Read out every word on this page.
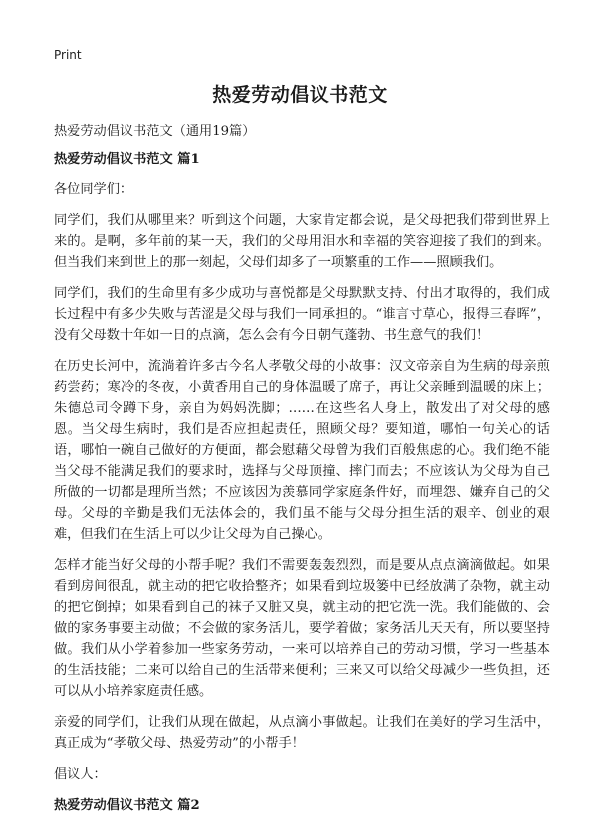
Print
热爱劳动倡议书范文

热爱劳动倡议书范文（通用19篇）

热爱劳动倡议书范文 篇1

各位同学们：

同学们，我们从哪里来？听到这个问题，大家肯定都会说，是父母把我们带到世界上来的。是啊，多年前的某一天，我们的父母用泪水和幸福的笑容迎接了我们的到来。但当我们来到世上的那一刻起，父母们却多了一项繁重的工作——照顾我们。

同学们，我们的生命里有多少成功与喜悦都是父母默默支持、付出才取得的，我们成长过程中有多少失败与苦涩是父母与我们一同承担的。“谁言寸草心，报得三春晖”，没有父母数十年如一日的点滴，怎么会有今日朝气蓬勃、书生意气的我们！

在历史长河中，流淌着许多古今名人孝敬父母的小故事：汉文帝亲自为生病的母亲煎药尝药；寒冷的冬夜，小黄香用自己的身体温暖了席子，再让父亲睡到温暖的床上；朱德总司令蹲下身，亲自为妈妈洗脚；……在这些名人身上，散发出了对父母的感恩。当父母生病时，我们是否应担起责任，照顾父母？要知道，哪怕一句关心的话语，哪怕一碗自己做好的方便面，都会慰藉父母曾为我们百般焦虑的心。我们绝不能当父母不能满足我们的要求时，选择与父母顶撞、摔门而去；不应该认为父母为自己所做的一切都是理所当然；不应该因为羡慕同学家庭条件好，而埋怨、嫌弃自己的父母。父母的辛勤是我们无法体会的，我们虽不能与父母分担生活的艰辛、创业的艰难，但我们在生活上可以少让父母为自己操心。

怎样才能当好父母的小帮手呢？我们不需要轰轰烈烈，而是要从点点滴滴做起。如果看到房间很乱，就主动的把它收拾整齐；如果看到垃圾篓中已经放满了杂物，就主动的把它倒掉；如果看到自己的袜子又脏又臭，就主动的把它洗一洗。我们能做的、会做的家务事要主动做；不会做的家务活儿，要学着做；家务活儿天天有，所以要坚持做。我们从小学着参加一些家务劳动，一来可以培养自己的劳动习惯，学习一些基本的生活技能；二来可以给自己的生活带来便利；三来又可以给父母减少一些负担，还可以从小培养家庭责任感。

亲爱的同学们，让我们从现在做起，从点滴小事做起。让我们在美好的学习生活中，真正成为“孝敬父母、热爱劳动”的小帮手！

倡议人：

热爱劳动倡议书范文 篇2
